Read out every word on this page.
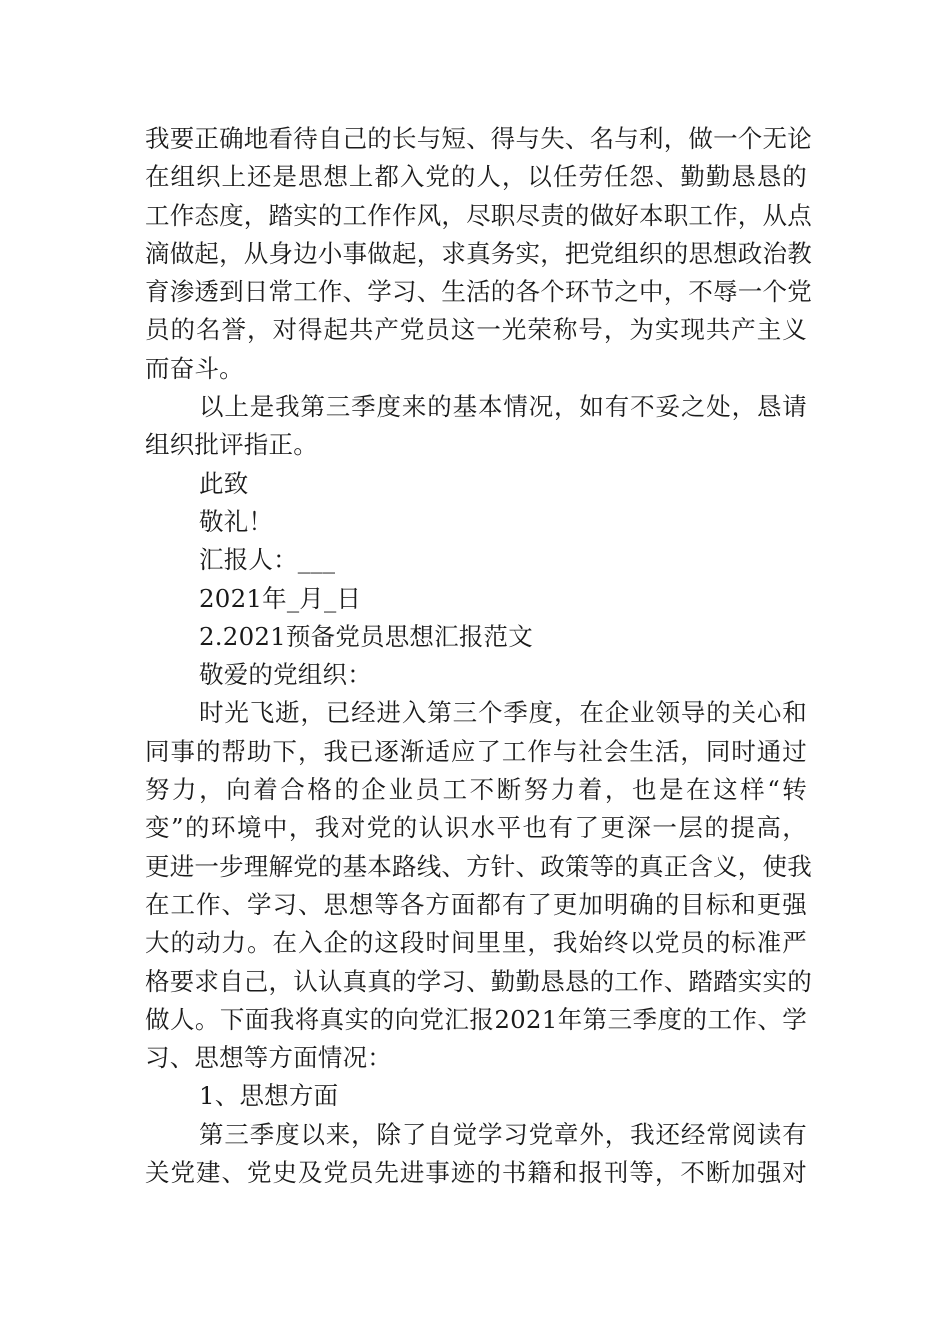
我要正确地看待自己的长与短、得与失、名与利，做一个无论
在组织上还是思想上都入党的人，以任劳任怨、勤勤恳恳的
工作态度，踏实的工作作风，尽职尽责的做好本职工作，从点
滴做起，从身边小事做起，求真务实，把党组织的思想政治教
育渗透到日常工作、学习、生活的各个环节之中，不辱一个党
员的名誉，对得起共产党员这一光荣称号，为实现共产主义
而奋斗。
以上是我第三季度来的基本情况，如有不妥之处，恳请
组织批评指正。
此致
敬礼！
汇报人：___
2021年_月_日
2.2021预备党员思想汇报范文
敬爱的党组织：
时光飞逝，已经进入第三个季度，在企业领导的关心和
同事的帮助下，我已逐渐适应了工作与社会生活，同时通过
努力，向着合格的企业员工不断努力着，也是在这样“转
变”的环境中，我对党的认识水平也有了更深一层的提高，
更进一步理解党的基本路线、方针、政策等的真正含义，使我
在工作、学习、思想等各方面都有了更加明确的目标和更强
大的动力。在入企的这段时间里里，我始终以党员的标准严
格要求自己，认认真真的学习、勤勤恳恳的工作、踏踏实实的
做人。下面我将真实的向党汇报2021年第三季度的工作、学
习、思想等方面情况：
1、思想方面
第三季度以来，除了自觉学习党章外，我还经常阅读有
关党建、党史及党员先进事迹的书籍和报刊等，不断加强对
